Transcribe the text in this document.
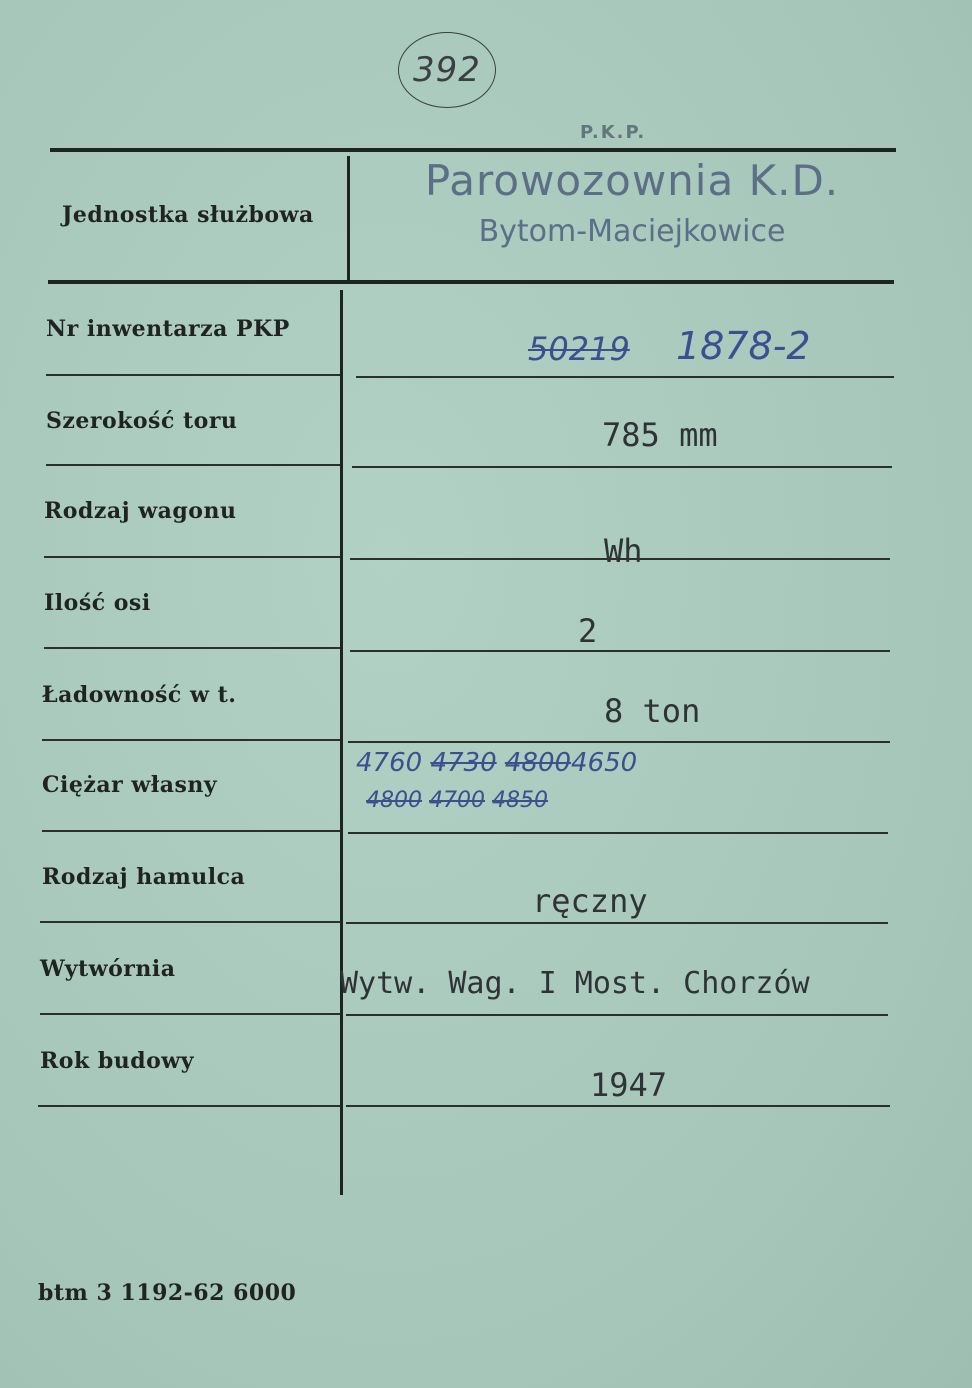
392
P.K.P.
Parowozownia K.D.
Bytom-Maciejkowice
Jednostka służbowa
Nr inwentarza PKP
Szerokość toru
Rodzaj wagonu
Ilość osi
Ładowność w t.
Ciężar własny
Rodzaj hamulca
Wytwórnia
Rok budowy
50219 1878-2
785 mm
Wh
2
8 ton
4760 4730 48004650
4800 4700 4850
ręczny
Wytw. Wag. I Most. Chorzów
1947
btm 3 1192-62 6000
